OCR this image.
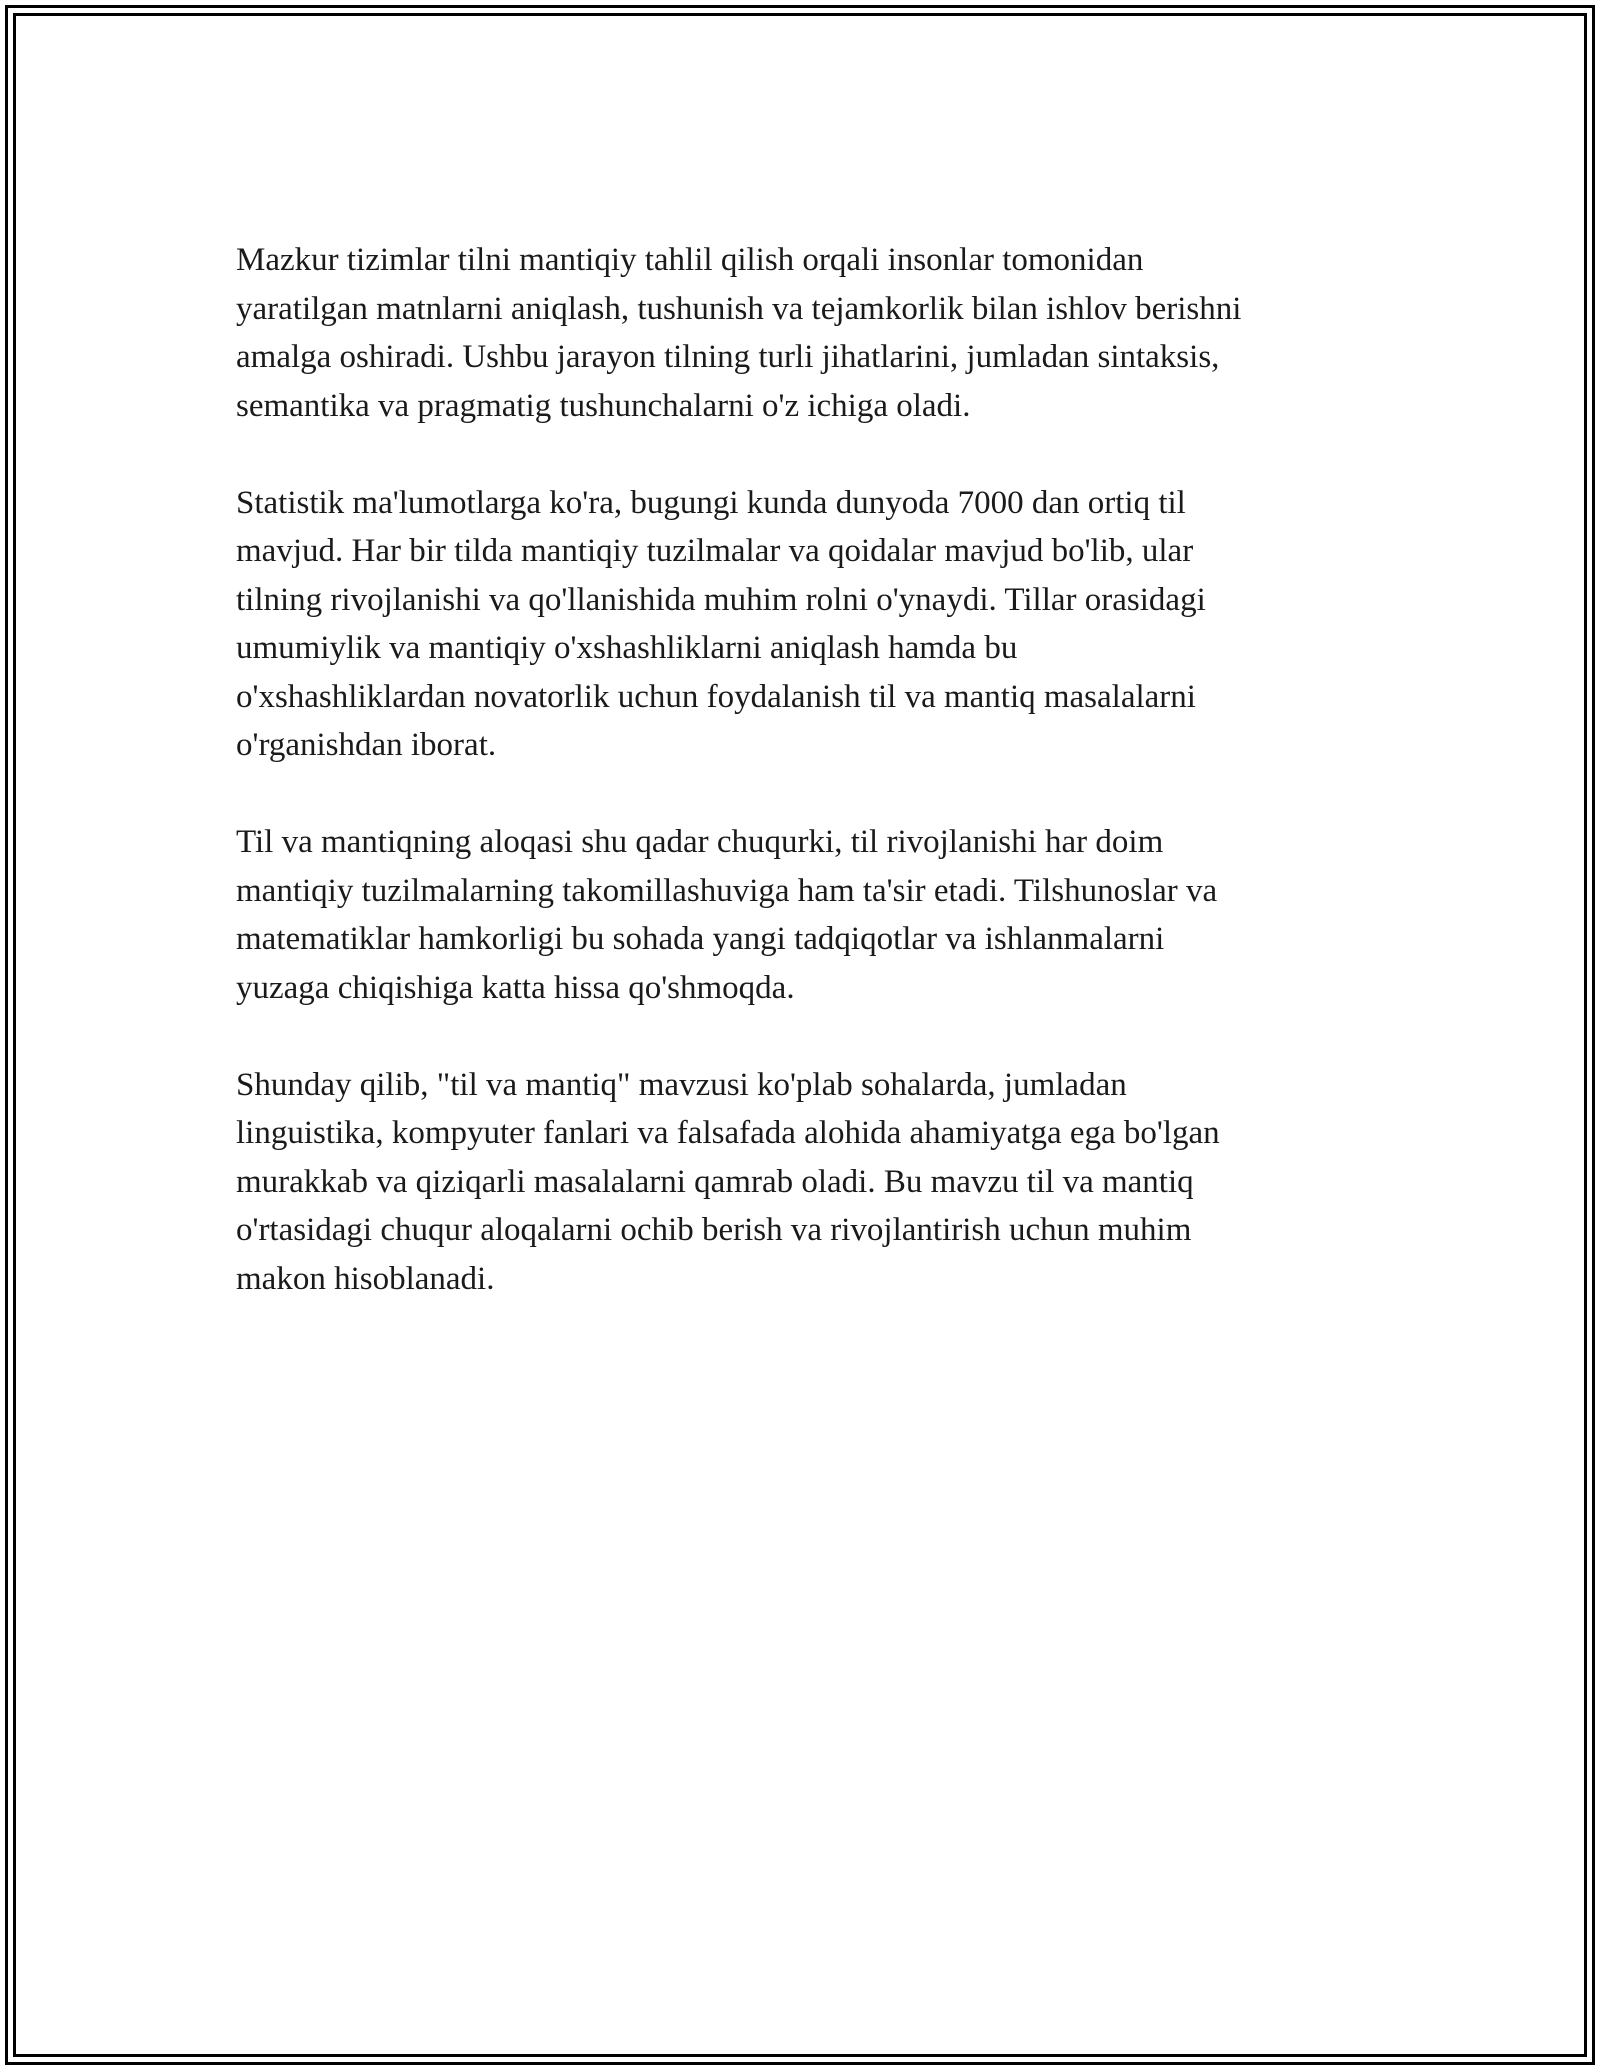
Mazkur tizimlar tilni mantiqiy tahlil qilish orqali insonlar tomonidan
yaratilgan matnlarni aniqlash, tushunish va tejamkorlik bilan ishlov berishni
amalga oshiradi. Ushbu jarayon tilning turli jihatlarini, jumladan sintaksis,
semantika va pragmatig tushunchalarni o'z ichiga oladi.

Statistik ma'lumotlarga ko'ra, bugungi kunda dunyoda 7000 dan ortiq til
mavjud. Har bir tilda mantiqiy tuzilmalar va qoidalar mavjud bo'lib, ular
tilning rivojlanishi va qo'llanishida muhim rolni o'ynaydi. Tillar orasidagi
umumiylik va mantiqiy o'xshashliklarni aniqlash hamda bu
o'xshashliklardan novatorlik uchun foydalanish til va mantiq masalalarni
o'rganishdan iborat.

Til va mantiqning aloqasi shu qadar chuqurki, til rivojlanishi har doim
mantiqiy tuzilmalarning takomillashuviga ham ta'sir etadi. Tilshunoslar va
matematiklar hamkorligi bu sohada yangi tadqiqotlar va ishlanmalarni
yuzaga chiqishiga katta hissa qo'shmoqda.

Shunday qilib, "til va mantiq" mavzusi ko'plab sohalarda, jumladan
linguistika, kompyuter fanlari va falsafada alohida ahamiyatga ega bo'lgan
murakkab va qiziqarli masalalarni qamrab oladi. Bu mavzu til va mantiq
o'rtasidagi chuqur aloqalarni ochib berish va rivojlantirish uchun muhim
makon hisoblanadi.
